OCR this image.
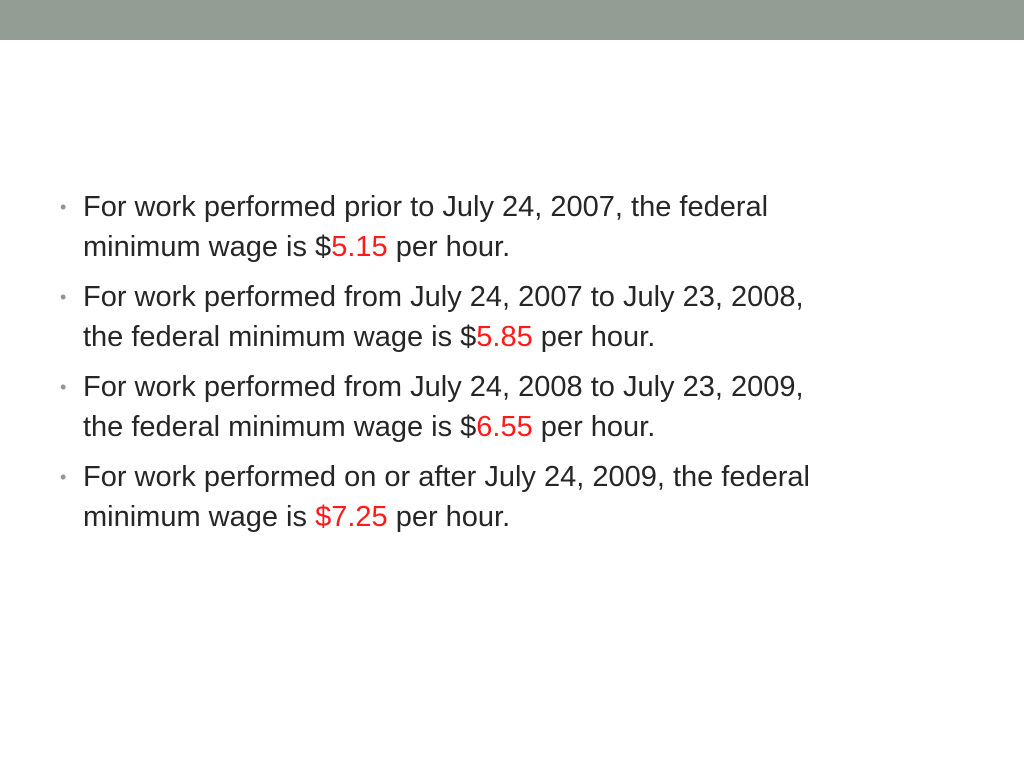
• For work performed prior to July 24, 2007, the federal
minimum wage is $5.15 per hour.
• For work performed from July 24, 2007 to July 23, 2008,
the federal minimum wage is $5.85 per hour.
• For work performed from July 24, 2008 to July 23, 2009,
the federal minimum wage is $6.55 per hour.
• For work performed on or after July 24, 2009, the federal
minimum wage is $7.25 per hour.
